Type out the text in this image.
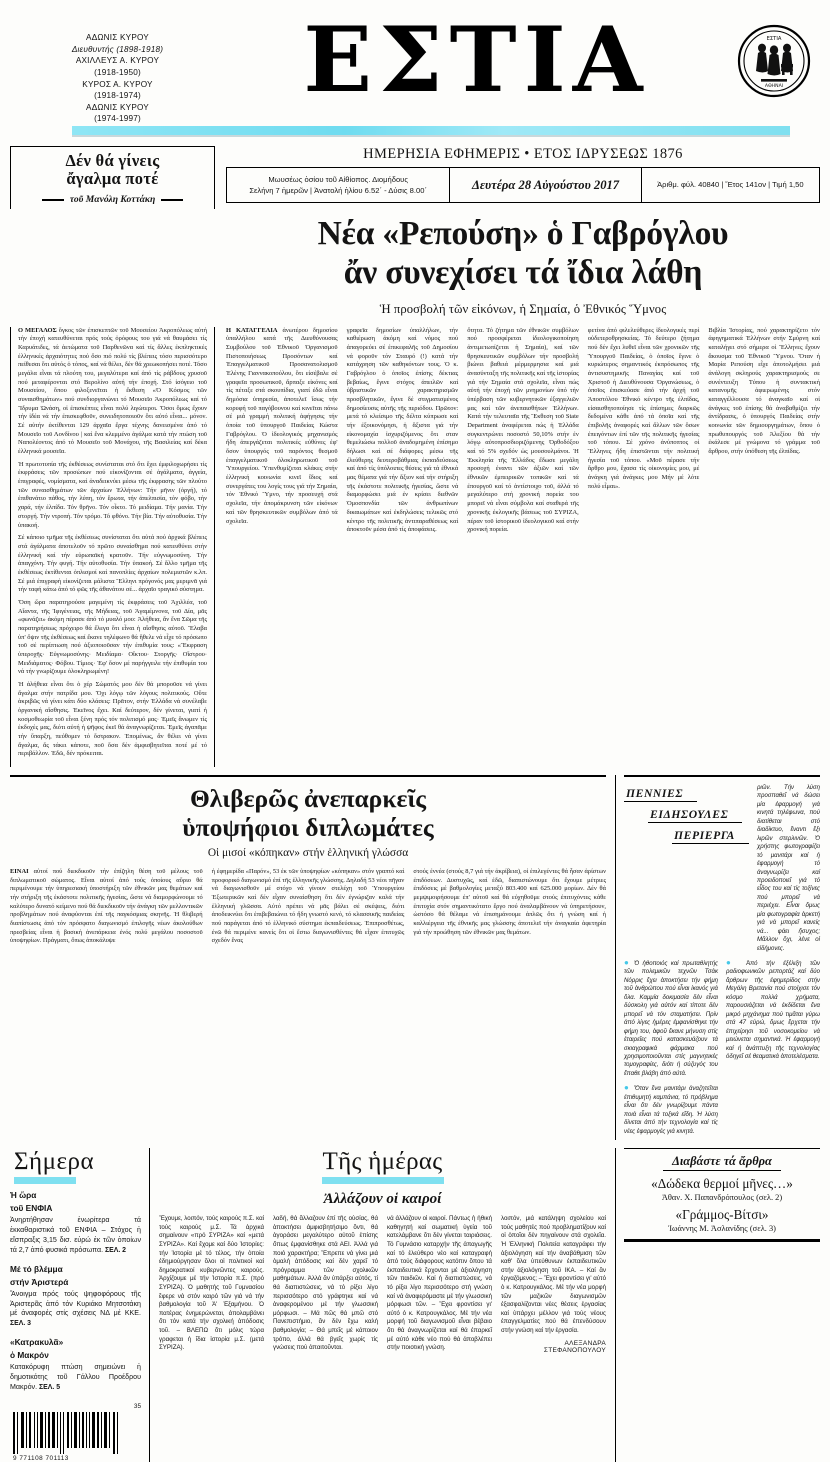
ΑΔΩΝΙΣ ΚΥΡΟΥ
Διευθυντής (1898-1918)
ΑΧΙΛΛΕΥΣ Α. ΚΥΡΟΥ
(1918-1950)
ΚΥΡΟΣ Α. ΚΥΡΟΥ
(1918-1974)
ΑΔΩΝΙΣ ΚΥΡΟΥ
(1974-1997)
ΕΣΤΙΑ	ΕΣΤΙΑ
ΑΘΗΝΑΙ
Δέν θά γίνεις
ἄγαλμα ποτέ
τοῦ Μανόλη Κοττάκη
ΗΜΕΡΗΣΙΑ ΕΦΗΜΕΡΙΣ • ΕΤΟΣ ΙΔΡΥΣΕΩΣ 1876
Μωυσέως ὁσίου τοῦ Αἰθίοπος. Διομήδους
Σελήνη 7 ἡμερῶν | Ἀνατολή ἡλίου 6.52΄ - Δύσις 8.00΄	Δευτέρα 28 Αὐγούστου 2017	Ἀριθμ. φύλ. 40840 | Ἔτος 141ον | Τιμή 1,50
Νέα «Ρεπούση» ὁ Γαβρόγλου
ἄν συνεχίσει τά ἴδια λάθη
Ἡ προσβολή τῶν εἰκόνων, ἡ Σημαία, ὁ Ἐθνικός Ὕμνος

Ο ΜΕΓΑΛΟΣ ὄγκος τῶν ἐπισκεπτῶν τοῦ Μουσείου Ἀκροπόλεως αὐτή τήν ἐποχή κατευθύνεται πρός τούς ὀρόφους του γιά νά θαυμάσει τίς Καρυάτιδες, τά ἀετώματα τοῦ Παρθενῶνα καί τίς ἄλλες ἐκπληκτικές ἑλληνικές ἀρχαιότητες πού ὅσο πιό πολύ τίς βλέπεις τόσο περισσότερο πείθεσαι ὅτι αὐτός ὁ τόπος, καί νά θέλει, δέν θά χρεωκοπήσει ποτέ. Τόσο μεγάλα εἶναι τά πλούτη του, μεγαλύτερα καί ἀπό τίς ράβδους χρυσοῦ πού μεταφέρονται στό Βερολίνο αὐτή τήν ἐποχή. Στό ἰσόγειο τοῦ Μουσείου, ὅπου φιλοξενεῖται ἡ ἔκθεση «Ὁ Κόσμος τῶν συναισθημάτων» πού συνδιοργανώνει τό Μουσεῖο Ἀκροπόλεως καί τό Ἵδρυμα Ὠνάση, οἱ ἐπισκέπτες εἶναι πολύ λιγώτεροι. Ὅσοι ὅμως ἔχουν τήν ἰδέα νά τήν ἐπισκεφθοῦν, συνειδητοποιοῦν ὅτι αὐτό εἶναι... μόνον. Σέ αὐτήν ἐκτίθενται 129 ἀρχαῖα ἔργα τέχνης δανεισμένα ἀπό τό Μουσεῖο τοῦ Λονδίνου | καί ἕνα κλεμμένο ἀγάλμα κατά τήν πτώση τοῦ Ναπολέοντος ἀπό τό Μουσεῖο τοῦ Μονάχου, τῆς Βασιλείας καί δέκα ἑλληνικά μουσεῖα.

Ἡ πρωτοτυπία τῆς ἐκθέσεως συνίσταται στό ὅτι ἔχει ἐμφιλοχωρήσει τίς ἐκφράσεις τῶν προσώπων πού εἰκονίζονται σέ ἀγάλματα, ἀγγεία, ἐπιγραφές, νομίσματα, καί ἀναδεικνύει μέσω τῆς ἐκφρασης τῶν πλούτο τῶν συναισθημάτων τῶν ἀρχαίων Ἑλλήνων: Τήν μῆνιν (ὀργή), τό ἐπιθανάτιο πάθος, τήν λύπη, τόν ἔρωτα, τήν ἀπελπισία, τόν φόβο, τήν χαρά, τήν ἐλπίδα. Τόν θρῆνο. Τόν οἶκτο. Τό μειδίαμα. Τήν μανία. Τήν στοργή. Τήν ντροπή. Τόν τρόμο. Τό φθόνο. Τήν βία. Τήν αὐτοθυσία. Τήν ὑπακοή.

Σέ κάποιο τμῆμα τῆς ἐκθέσεως συνίσταται ὅτι αὐτά πού ἀρχικά βλέπεις στά ἀγάλματα ἀποτελοῦν τό πρῶτο συναίσθημα πού κατευθύνει στήν ἑλληνική καί τήν εὐρωπαϊκή κρατοῦν. Τήν εὐγνωμοσύνη. Τήν ἀπαγχόνη. Τήν φυγή. Τήν αὐτοθυσία. Τήν ὑπακοή. Σέ ἄλλο τμῆμα τῆς ἐκθέσεως ἐκτίθενται ὁπλισμοί καί πανοπλίες ἀρχαίων πολεμιστῶν κ.λπ. Σέ μιά ἐπιγραφή εἰκονίζεται μάλιστα Ἕλληνι πρόγονός μας μεριμνᾶ γιά τήν ταφή κάτω ἀπό τό φῶς τῆς ἀθανάτου σέ... ἀρχαῖο τραγικό σύστημα.

Ὅση ὥρα παρατηρούσα μαγεμένη τίς ἐκφράσεις τοῦ Ἀχιλλέα, τοῦ Αἴαντα, τῆς Ἰφιγένειας, τῆς Μήδειας, τοῦ Ἀγαμέμνονα, τοῦ Δία, μᾶς «φωνάζει» ἀκόμη πέρασε ἀπό τό μυαλό μου: Ἀλήθεια, ἄν ἕνα Σῶμα τῆς παρατηρήσεως πρόχειρο θά ἔλεγα ὅτι εἶναι ἡ αἴσθησις αὐτοῦ. Ἔλαβα ὑπ' ὄψιν τῆς ἐκθέσεως καί ἔκανε τηλέφωνο θά ἤθελε νά εἶχε τό πρόσωπο τοῦ σέ περίπτωση πού ἀξιοποιοῦσαν τήν ἐπιθυμία τους: «Ἔκφραση ὑπεροχῆς· Εὐγνωμοσύνης· Μειδίαμα· Οἴκτου· Στοργῆς· Οἴστρου· Μειδιάματος· Φόβου. Τίμιος· Ἐφ' ὅσον μέ παρήγγειλε τήν ἐπιθυμία του νά τήν γνωρίζουμε ὁλοκληρωμένη!

Ἡ ἀλήθεια εἶναι ὅτι ὁ χέρ Σώματός μου δέν θά μποροῦσε νά γίνει ἄγαλμα στήν πατρίδα μου. Ὄχι λόγῳ τῶν λόγους πολιτικούς. Οὔτε ἀκριβῶς νά γίνει κάτι δύο κλάσεις: Πρᾶτον, στήν Ἑλλάδα νά συνέλαβε ὀργανική αἴσθησις. Ἐκεῖνος ἔχει. Καί δεύτερον, δέν γίνεται, γιατί ἡ κοσμοθεωρία τοῦ εἶναι ξένη πρός τόν πολιτισμό μας· Ἐμεῖς ἄνωμεν τίς ἐκδοχές μας, διότι αὐτή ἡ ψῆφος ἐκεῖ θά ἀναγνωρίζεται. Ἐμεῖς ἀγαπᾶμε τήν ὕπαρξη, πεύθομεν τό ὄστρακον. Ἐπομένως, ἄν θέλει νά γίνει ἄγαλμα, ἄς τάκει κάποτε, ποῦ ὅσα δέν ἀμφισβητεῖται ποτέ μέ τό περιβάλλον. Ἐδῶ, δέν πρόκειται.

Η ΚΑΤΑΓΓΕΛΙΑ ἀνωτέρου δημοσίου ὑπαλλήλου κατά τῆς Διευθύνουσας Συμβούλου τοῦ Ἐθνικοῦ Ὀργανισμοῦ Πιστοποιήσεως Προσόντων καί Ἐπαγγελματικοῦ Προσανατολισμοῦ Ἑλένης Γιαννακοπούλου, ὅτι εἰσέβαλε σέ γραφεῖα προσωπικοῦ, ἄρπαξε εἰκόνες καί τίς πέταξε στά σκουπίδια, γιατί ἐδῶ εἶναι δημόσια ὑπηρεσία, ἀποτελεῖ ἴσως τήν κορυφή τοῦ παγόβουνου καί κινεῖται πάνω σέ μιά γραμμή πολιτική ἀφήγησις τήν ὁποία τοῦ ὑπουργοῦ Παιδείας Κώστα Γαβρόγλου. Ὁ ἰδεολογικός μηχανισμός ἤδη ἀπεργάζεται πολιτικές εὐθύνες ἐφ' ὅσον ὑπουργός τοῦ παρόντος θεσμοῦ ἐπαγγελματικοῦ ὁλοκληρωτικοῦ τοῦ Ὑπουργείου. Ὑπενθυμίζεται κλάκες στήν ἑλληνική κοινωνία κινεῖ ἴδιος καί συνεργάτες του λογίς τους γιά τήν Σημαία, τόν Ἐθνικό Ὕμνο, τήν προσευχή στά σχολεῖα, τήν ἀπομάκρυνση τῶν εἰκόνων καί τῶν θρησκευτικῶν συμβόλων ἀπό τά σχολεῖα.

γραφεῖα δημοσίων ὑπαλλήλων, τήν καθιέρωση ἀκόμη καί νόμος πού ἀπαγορεύει σέ ἐπικεφαλῆς τοῦ Δημοσίου νά φοροῦν τόν Σταυρό (!) κατά τήν κατάχρηση τῶν καθηκόντων τους. Ὁ κ. Γαβρόγλου ὁ ὁποῖος ἐπίσης δέκτιας βεβαίως, ἔγινε στόχος ἀπειλῶν καί ὑβριστικῶν χαρακτηρισμῶν προσβλητικῶν, ἔγινε δέ στιγματισμένος δημοσίευσις αὐτῆς τῆς περιόδου. Πρῶτον: μετά τό κλείσιμο τῆς δέλτα κύπρωσε καί τήν ἐξοικονόμησι, ἡ ἄξιστα γιά τήν εἰκονομαχία ἰσχυριζόμενος ὅτι σταν θεμελιώσω πολλοῦ ἀναδομημένη ἐπίσημο δήλωσι καί σέ διάφορες μέσω τῆς ἐλεύθερης δευτεροβάθμιας ἐκπαιδεύσεως καί ἀπό τίς ὑπόλοιπες θέσεις γιά τά ἐθνικά μας θέματα γιά τήν ἄξιον καί τήν στήριξη τῆς ἑκάστοτε πολιτικῆς ἡγεσίας, ὥστε νά διαμορφώσει μιά ἐν κρίσει διεθνῶν Ὁμοσπονδία τῶν ἀνθρωπίνων δικαιωμάτων καί ἐκδηλώσεις τελικῶς στό κέντρο τῆς πολιτικῆς ἀντιπαραθέσεως καί ἀποκτοῦν μέσα ἀπό τίς ἀποφάσεις.
ὅτητα. Τό ζήτημα τῶν ἐθνικῶν συμβόλων πού προσφέρεται ἰδεολογικοποίηση ἀντιμετωπίζεται ἡ Σημαία), καί τῶν θρησκευτικῶν συμβόλων τήν προσβολή βιώνει βαθειά μέρμερμησια καί μιά ἀνασύνταξη τῆς πολιτικῆς καί τῆς ἱστορίας γιά τήν Σημαία στά σχολεῖα, εἶναι πώς αὐτή τήν ἐποχή τῶν μνημονίων ὑπό τήν ὑπέρβαση τῶν κυβερνητικῶν ἐξαγγελιῶν μας καί τῶν ἀνεπαισθήτων Ἑλλήνων. Κατά τήν τελευταῖα τῆς Ἔκθεση τοῦ State Department ἀναφέρεται πώς ἡ Ἑλλάδα συγκεντρώνει ποσοστό 50,10% στήν ἐν λόγῳ αὐτοπροσδιοριζόμενης Ὀρθοδόξου καί τό 5% σχεδόν ὡς μουσουλμάνοι. Ἡ Ἐκκλησία τῆς Ἑλλάδος ἔδωσε μεγάλη προσοχή ἐναντι τῶν ἀξιῶν καί τῶν ἐθνικῶν ἐμπειρικῶν τοπικῶν καί τά ἐπουργοῦ καί τό ἀντίστοιχο τοῦ, ἀλλά τό μεγαλύτερο στή χρονική πορεία του μπορεῖ νά εἶναι σύμβολα καί σταθερά τῆς χρονικῆς ἐκλογικῆς βάσεως τοῦ ΣΥΡΙΖΑ, πέραν τοῦ ἱστορικοῦ ἰδεολογικοῦ καί στήν χρονική πορεία.
φετίνα ἀπό φιλελεύθερες ἰδεολογικές περί οὐδετεροθρησκείας. Τό δεύτερο ζήτημα πού δέν ἔχει λυθεῖ εἶναι τῶν χρονικῶν τῆς Ὑπουργοῦ Παιδείας, ὁ ὁποῖος ἔγινε ὁ κυριώτερος σημαντικός ἐκπρόσωπος τῆς ἀντισυστημικῆς Παναγίας καί τοῦ Χριστοῦ ἡ Διευθύνουσα Ὀργανώσεως, ὁ ὁποῖος ἐπισκεύασε ἀπό τήν ἀρχή τοῦ Ἀποστόλου Ἐθνικό κέντρο τῆς ἐλπίδας, εἰσαισθητοποίησε τίς ἐπίσημες διαρκῶς δεδομένα κάθε ἀπό τά ὁποῖα καί τῆς ἐπιβολῆς ἀναφορές καί ἄλλων τῶν ὅσων ἐπειγόντων ἐπί τῶν τῆς πολιτικῆς ἡγεσίας τοῦ τόπου. Σέ χρόνο ἀνύποπτος οἱ Ἕλληνες ἤδη ἐπιστῶνται τήν πολιτική ἡγεσία τοῦ τόπου. «Μοῦ πέρασε τήν ἄρθρο μου, ἔχασα τίς οἰκονομίες μου, μέ ἀνάγκη γιά ἀνάγκες μου Μήν μέ λότε πολύ εἶμαι».
Βιβλία Ἱστορίας, πού χαρακτηρίζετο τόν ἀφηγηματικά Ἑλλήνων στήν Σμύρνη καί καταλήγει στό σήμερα οἱ Ἕλληνες ἔχουν ἄκουσμα τοῦ Ἐθνικοῦ Ὕμνου. Ὅταν ἡ Μαρία Ρεπούση εἶχε ἀποτολμήσει μιά ἀνάλογη σκληρούς χαρακτηρισμούς σε συνέντευξη Τύπου ἡ συντακτική κατανομῆς ἀφιερωμένης στόν καταγγέλλουσα τό ἀναγκαῖο καί οἱ ἀνάγκες τοῦ ἐπίσης θά ἀναβαθμίζει τήν ἀντίδρασις, ὁ ὑπουργός Παιδείας στήν κοινωνία τῶν δημιουργημάτων, ὅπου ὁ πρωθυπουργός τοῦ Ἀλεξίου θά τήν ἐκάλεσε μέ γνώμονα τό γράμμα τοῦ ἄρθρου, στήν ὑπόθεση τῆς ἐλπίδας.
Θλιβερῶς ἀνεπαρκεῖς
ὑποψήφιοι διπλωμάτες
Οἱ μισοί «κόπηκαν» στήν ἑλληνική γλώσσα

ΕΙΝΑΙ αὐτοί πού διεκδικοῦν τήν ἐπίζηλη θέση τοῦ μέλους τοῦ διπλωματικοῦ σώματος. Εἶναι αὐτοί ἀπό τούς ὁποίους αὔριο θά περιμένουμε τήν ὑπηρεσιακή ὑποστήριξη τῶν ἐθνικῶν μας θεμάτων καί τήν στήριξη τῆς ἑκάστοτε πολιτικῆς ἡγεσίας, ὥστε νά διαμορφώνουμε τό καλύτερο δυνατό κείμενο πού θά διεκδικοῦν τήν ἀνάγκη τῶν μελλοντικῶν προβλημάτων πού ἀναφύονται ἐπί τῆς παγκόσμιας σκηνῆς. Ἡ θλιβερή διαπίστωσις ἀπό τόν πρόσφατο διαγωνισμό ἐπιλογῆς νέων ἀκολούθων πρεσβείας εἶναι ἡ βασική ἀνεπάρκεια ἐνός πολύ μεγάλου ποσοστοῦ ὑποψηφίων. Πράγματι, ὅπως ἀποκάλυψε

ἡ ἐφημερίδα «Παρόν», 53 ἐκ τῶν ὑποψηφίων «κόπηκαν» στόν γραπτό καί προφορικό διαγωνισμό ἐπί τῆς ἑλληνικῆς γλώσσης. Δηλαδή 53 νέοι πῆγαν νά διαγωνισθοῦν μέ στόχο νά γίνουν στελέχη τοῦ Ὑπουργείου Ἐξωτερικῶν καί δέν εἶχαν συναίσθηση ὅτι δέν ἐγνώριζαν καλά τήν ἑλληνική γλῶσσα. Αὐτό πρέπει νά μᾶς βάλει σέ σκέψεις, διότι ἀποδεικνύει ὅτι ἐπιβεβαιώνει τό ἤδη γνωστό κενό, τό κλασσικῆς παιδείας πού παράγεται ἀπό τό ἑλληνικό σύστημα ἐκπαιδεύσεως. Ἐπιπροσθέτως, ἐνῶ θά περιμένε κανείς ὅτι οἱ ἔστω διαγωνισθέντες θά εἶχαν ἐπιτυχῶς σχεδόν ἕνας
στούς ἐννέα (στούς 8,7 γιά τήν ἀκρίβεια), οἱ ἐπιλεγέντες θά ἦσαν ἀρίστων ἐπιδόσεων. Δυστυχῶς, καί ἐδῶ, διαπιστώνουμε ὅτι ἔχουμε μέτριες ἐπιδόσεις μέ βαθμολογίες μεταξύ 803.400 καί 625.000 μορίων. Δέν θά μεμψιμοιρήσουμε ἐπ' αὐτοῦ καί θά εὐχηθοῦμε στούς ἐπιτυχόντες κάθε ἐπιτυχία στόν σημαντικότατο ἔργο πού ἀναλαμβάνουν νά ὑπηρετήσουν, ὡστόσο θά θέλαμε νά ἐπισημάνουμε ἁπλῶς ὅτι ἡ γνώση καί ἡ καλλιέργεια τῆς ἐθνικῆς μας γλώσσης ἀποτελεῖ τήν ἀναγκαία ἀφετηρία γιά τήν προώθηση τῶν ἐθνικῶν μας θεμάτων.
ΠΕΝΝΙΕΣ ΕΙΔΗΣΟΥΛΕΣ ΠΕΡΙΕΡΓΑ
ριῶν. Τήν λύση προσπαθεῖ νά δώσει μία ἐφαρμογή γιά κινητά τηλέφωνα, πού διατίθεται στό διαδίκτυο, ἔναντι ἕξι λιρῶν στερλινῶν. Ὁ χρήστης φωτογραφίζει τό μανιτάρι καί ἡ ἐφαρμογή τό ἀναγνωρίζει καί προειδοποιεῖ γιά τό εἶδος του καί τίς τοξίνες πού μπορεῖ νά περιέχει. Εἶναι ὅμως μία φωτογραφία ἀρκετή γιά νά μπορεῖ κανείς νά... φάει ἥσυχος; Μᾶλλον ὄχι, λένε οἱ εἰδήμονες.

● Ὁ ἠθοποιός καί πρωταθλητής τῶν πολεμικῶν τεχνῶν Τσάκ Νόρρις ἔχει ἀποκτήσει τήν φήμη τοῦ ἀνθρώπου πού εἶναι ἱκανός γιά ὅλα. Καμμία δοκιμασία δέν εἶναι δύσκολη γιά αὐτόν καί τίποτε δέν μπορεῖ νά τόν σταματήσει. Πρίν ἀπό λίγες ἡμέρες ἐμφανίσθηκε τήν φήμη του, ἀφοῦ ἔκανε μήνυση στίς ἑταιρεῖες πού κατασκευάζουν τά σκιαγραφικά φάρμακα πού χρησιμοποιοῦνται στίς μαγνητικές τομογραφίες, διότι ἡ σύζυγός του ἔπαθε βλάβη ἀπό αὐτά.

● Ὅταν ἕνα μανιτάρι ἀναζητεῖται ἐπιθυμητή καμπάνια, τό πρόβλημα εἶναι ὅτι δέν γνωρίζουμε πάντα ποιά εἶναι τά τοξικά εἴδη. Ἡ λύση δίνεται ἀπό τήν τεχνολογία καί τίς νέες ἐφαρμογές γιά κινητά.

● Ἀπό τήν ἐξέλιξη τῶν ραδιοφωνικῶν ρεπορτάζ καί δύο ἄρθρων τῆς ἐφημερίδος στήν Μεγάλη Βρετανία πού στοίχισε τόν κόσμο πολλά χρήματα, παρουσιάζεται νά ἐκδίδεται ἕνα μικρό μηχάνημα πού τιμᾶται γύρω στά 47 εὐρώ, ὅμως ἔρχεται τήν ἐπιχείρησι τοῦ νοσοκομείου νά μειώνεται σημαντικά. Ἡ ἐφαρμογή καί ἡ ἀνάπτυξη τῆς τεχνολογίας ὁδηγεῖ σέ θεαματικά ἀποτελέσματα.

Σήμερα
Ἡ ὥρα
τοῦ ΕΝΦΙΑ
Ἀνηρτήθησαν ἐνωρίτερα τά ἐκκαθαριστικά τοῦ ΕΝΦΙΑ – Στόχος ἡ εἴσπραξις 3,15 δισ. εὐρώ ἐκ τῶν ὁποίων τά 2,7 ἀπό φυσικά πρόσωπα. ΣΕΛ. 2
Μέ τό βλέμμα
στήν Ἀριστερά
Ἄνοιγμα πρός τούς ψηφοφόρους τῆς Ἀριστερᾶς ἀπό τόν Κυριάκο Μητσοτάκη μέ ἀναφορές στίς σχέσεις ΝΔ μέ ΚΚΕ. ΣΕΛ. 3
«Κατρακυλᾶ»
ὁ Μακρόν
Κατακόρυφη πτώση σημειώνει ἡ δημοτικότης τοῦ Γάλλου Προέδρου Μακρόν. ΣΕΛ. 5
35
9 771108 701113
Τῆς ἡμέρας
Ἀλλάζουν οἱ καιροί
Ἔχουμε, λοιπόν, τούς καιρούς π.Σ. καί τούς καιρούς μ.Σ. Τά ἀρχικά σημαίνουν «πρό ΣΥΡΙΖΑ» καί «μετά ΣΥΡΙΖΑ». Καί ἔχομε καί δύο Ἱστορίες: τήν Ἱστορία μέ τό τέλος, τήν ὁποία ἐδημιούργησαν ὅλοι οἱ πολιτικοί καί δημοκρατικοί κυβερνῶντες καιρούς. Ἀρχίζουμε μέ τήν Ἱστορία π.Σ. (πρό ΣΥΡΙΖΑ). Ὁ μαθητής τοῦ Γυμνασίου ἔφερε νά στόν καιρό τῶν γιά νά τήν βαθμολογία τοῦ Ἀ' Ἐξαμήνου. Ὁ πατέρας ἐνημερώνεται, ἀπολαμβάνει ὅτι τόν κατά τήν σχολική ἀπόδοσις τοῦ. – ΒΛΕΠΩ ὅτι μόλις τώρα γραφεται ἡ ἴδια ἱστορία μ.Σ. (μετά ΣΥΡΙΖΑ).
λαδή, θά ἄλλαζουν ἐπί τῆς οὐσίας, θά ἀποκτήσει ἀμφισβητήσιμο ὄντι, θά ἀγοράσει μεγαλύτερο αὐτοῦ ἐπίσης ὅπως ἐμφανίσθηκε στά ΑΕΙ. Ἀλλά γιά ποιό χαρακτήρα; Ἔπρεπε νά γίνει μιά ὁμαλή ἀπόδοσις καί δέν χαρεῖ τό πρόγραμμα τῶν σχολικῶν μαθημάτων. Ἀλλά ἄν ὑπάρξει αὐτός, τί θά διαπιστώσεις, νά τό ρίξει λίγο περισσότερο στό γράφτηκε καί νά ἀναφερομένου μέ τήν γλωσσική μόρφωσι. – Μά πῶς θά μπῶ στό Πανεπιστήμιο, ἄν δέν ἔχω καλή βαθμολογία; – Θά μπεῖς μέ κάποιον τρόπο, ἀλλά θά βγεῖς χωρίς τίς γνώσεις πού ἀπαιτοῦνται.
νά ἀλλάζουν οἱ καιροί. Πάντως ἡ ἠθική καθηγητή καί σωματική ὑγεία τοῦ κατελάμβανε ὅτι δέν γίνεται ταιριάσεις. Τό Γυμνάσιο καταρχήν τῆς ἀπαγωγῆς καί τό ἐλεύθερο νέο καί καταγραφή ἀπό τούς διάφορους κατόπιν ὅπου τά ἐκπαιδευτικά ἔρχονται μέ ἀξιολόγηση τῶν παιδιῶν. Καί ἡ διαπιστώσεις, νά τό ρίξει λίγο περισσότερο στή γνώση καί νά ἀναφερόμαστε μέ τήν γλωσσική μόρφωσι τῶν. – Ἔχει φροντίσει γι' αὐτό ὁ κ. Κατρουγκάλος. Μέ τήν νέα μορφή τοῦ διαγωνισμοῦ εἶναι βέβαιο ὅτι θά ἀναγνωρίζεται καί θά ἐπαρκεῖ μέ αὐτό κάθε νέο πού θά ἀποβλέπει στήν ποιοτική γνώση.
λοιπόν, μιά κατάληψη σχολείου καί τούς μαθητές πού προβληματίζουν καί οἱ ὁποῖοι δέν πηγαίνουν στά σχολεῖα. Ἡ Ἑλληνική Πολιτεία καταγράφει τήν ἀξιολόγηση καί τήν ἀναβάθμιση τῶν καθ' ὅλα ὑπεύθυνων ἐκπαιδευτικῶν στήν ἀξιολόγηση τοῦ ΙΚΑ. – Καί ἄν ἐργαζόμενος; – Ἔχει φροντίσει γι' αὐτό ὁ κ. Κατρουγκάλος. Μέ τήν νέα μορφή τῶν μαζικῶν διαγωνισμῶν ἐξασφαλίζονται νέες θέσεις ἐργασίας καί ὑπάρχει μέλλον γιά τούς νέους ἐπαγγελματίες πού θά ἐπενδύσουν στήν γνώση καί τήν ἐργασία.
ΑΛΕΞΑΝΔΡΑ ΣΤΕΦΑΝΟΠΟΥΛΟΥ
Διαβάστε τά ἄρθρα
«Δώδεκα θερμοί μῆνες…»
Ἀθαν. Χ. Παπανδρόπουλος (σελ. 2)
«Γράμμος-Βίτσι»
Ἰωάννης Μ. Ἀσλανίδης (σελ. 3)
